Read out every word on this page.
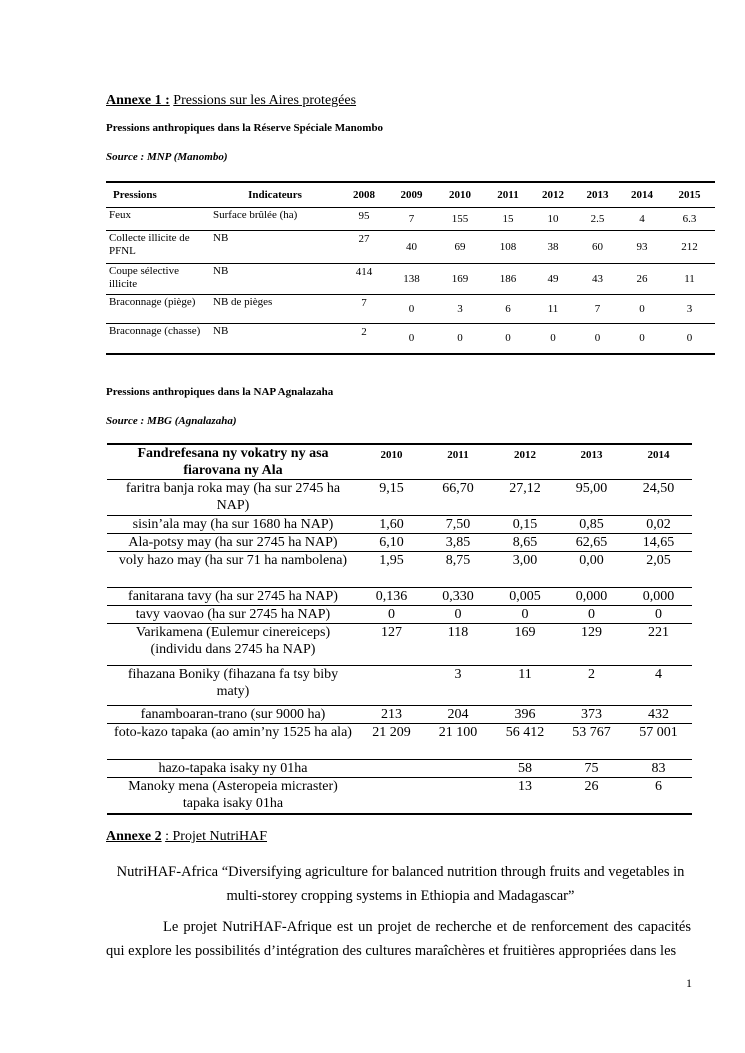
Annexe 1 : Pressions sur les Aires protegées
Pressions anthropiques dans la Réserve Spéciale Manombo
Source : MNP (Manombo)
Pressions	Indicateurs	2008	2009	2010	2011	2012	2013	2014	2015
Feux	Surface brûlée (ha)	95	7	155	15	10	2.5	4	6.3
Collecte illicite de PFNL	NB	27	40	69	108	38	60	93	212
Coupe sélective illicite	NB	414	138	169	186	49	43	26	11
Braconnage (piège)	NB de pièges	7	0	3	6	11	7	0	3
Braconnage (chasse)	NB	2	0	0	0	0	0	0	0
Pressions anthropiques dans la NAP Agnalazaha
Source : MBG (Agnalazaha)
Fandrefesana ny vokatry ny asa fiarovana ny Ala	2010	2011	2012	2013	2014
faritra banja roka may (ha sur 2745 ha NAP)	9,15	66,70	27,12	95,00	24,50
sisin’ala may (ha sur 1680 ha NAP)	1,60	7,50	0,15	0,85	0,02
Ala-potsy may (ha sur 2745 ha NAP)	6,10	3,85	8,65	62,65	14,65
voly hazo may (ha sur 71 ha nambolena)	1,95	8,75	3,00	0,00	2,05
fanitarana tavy (ha sur 2745 ha NAP)	0,136	0,330	0,005	0,000	0,000
tavy vaovao (ha sur 2745 ha NAP)	0	0	0	0	0
Varikamena (Eulemur cinereiceps) (individu dans 2745 ha NAP)	127	118	169	129	221
fihazana Boniky (fihazana fa tsy biby maty)		3	11	2	4
fanamboaran-trano (sur 9000 ha)	213	204	396	373	432
foto-kazo tapaka (ao amin’ny 1525 ha ala)	21 209	21 100	56 412	53 767	57 001
hazo-tapaka isaky ny 01ha			58	75	83
Manoky mena (Asteropeia micraster) tapaka isaky 01ha			13	26	6
Annexe 2 : Projet NutriHAF
NutriHAF-Africa “Diversifying agriculture for balanced nutrition through fruits and vegetables in multi-storey cropping systems in Ethiopia and Madagascar”
Le projet NutriHAF-Afrique est un projet de recherche et de renforcement des capacités qui explore les possibilités d’intégration des cultures maraîchères et fruitières appropriées dans les
1
